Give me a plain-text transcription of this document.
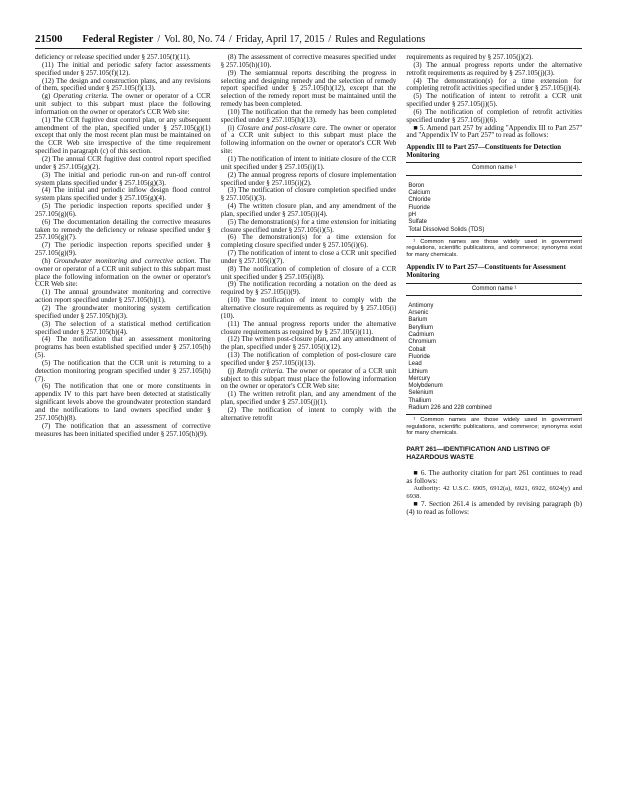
21500 Federal Register / Vol. 80, No. 74 / Friday, April 17, 2015 / Rules and Regulations

deficiency or release specified under § 257.105(f)(11).

(11) The initial and periodic safety factor assessments specified under § 257.105(f)(12).

(12) The design and construction plans, and any revisions of them, specified under § 257.105(f)(13).

(g) Operating criteria. The owner or operator of a CCR unit subject to this subpart must place the following information on the owner or operator's CCR Web site:

(1) The CCR fugitive dust control plan, or any subsequent amendment of the plan, specified under § 257.105(g)(1) except that only the most recent plan must be maintained on the CCR Web site irrespective of the time requirement specified in paragraph (c) of this section.

(2) The annual CCR fugitive dust control report specified under § 257.105(g)(2).

(3) The initial and periodic run-on and run-off control system plans specified under § 257.105(g)(3).

(4) The initial and periodic inflow design flood control system plans specified under § 257.105(g)(4).

(5) The periodic inspection reports specified under § 257.105(g)(6).

(6) The documentation detailing the corrective measures taken to remedy the deficiency or release specified under § 257.105(g)(7).

(7) The periodic inspection reports specified under § 257.105(g)(9).

(h) Groundwater monitoring and corrective action. The owner or operator of a CCR unit subject to this subpart must place the following information on the owner or operator's CCR Web site:

(1) The annual groundwater monitoring and corrective action report specified under § 257.105(h)(1).

(2) The groundwater monitoring system certification specified under § 257.105(h)(3).

(3) The selection of a statistical method certification specified under § 257.105(h)(4).

(4) The notification that an assessment monitoring programs has been established specified under § 257.105(h)(5).

(5) The notification that the CCR unit is returning to a detection monitoring program specified under § 257.105(h)(7).

(6) The notification that one or more constituents in appendix IV to this part have been detected at statistically significant levels above the groundwater protection standard and the notifications to land owners specified under § 257.105(h)(8).

(7) The notification that an assessment of corrective measures has been initiated specified under § 257.105(h)(9).

(8) The assessment of corrective measures specified under § 257.105(h)(10).

(9) The semiannual reports describing the progress in selecting and designing remedy and the selection of remedy report specified under § 257.105(h)(12), except that the selection of the remedy report must be maintained until the remedy has been completed.

(10) The notification that the remedy has been completed specified under § 257.105(h)(13).

(i) Closure and post-closure care. The owner or operator of a CCR unit subject to this subpart must place the following information on the owner or operator's CCR Web site:

(1) The notification of intent to initiate closure of the CCR unit specified under § 257.105(i)(1).

(2) The annual progress reports of closure implementation specified under § 257.105(i)(2).

(3) The notification of closure completion specified under § 257.105(i)(3).

(4) The written closure plan, and any amendment of the plan, specified under § 257.105(i)(4).

(5) The demonstration(s) for a time extension for initiating closure specified under § 257.105(i)(5).

(6) The demonstration(s) for a time extension for completing closure specified under § 257.105(i)(6).

(7) The notification of intent to close a CCR unit specified under § 257.105(i)(7).

(8) The notification of completion of closure of a CCR unit specified under § 257.105(i)(8).

(9) The notification recording a notation on the deed as required by § 257.105(i)(9).

(10) The notification of intent to comply with the alternative closure requirements as required by § 257.105(i)(10).

(11) The annual progress reports under the alternative closure requirements as required by § 257.105(i)(11).

(12) The written post-closure plan, and any amendment of the plan, specified under § 257.105(i)(12).

(13) The notification of completion of post-closure care specified under § 257.105(i)(13).

(j) Retrofit criteria. The owner or operator of a CCR unit subject to this subpart must place the following information on the owner or operator's CCR Web site:

(1) The written retrofit plan, and any amendment of the plan, specified under § 257.105(j)(1).

(2) The notification of intent to comply with the alternative retrofit

requirements as required by § 257.105(j)(2).

(3) The annual progress reports under the alternative retrofit requirements as required by § 257.105(j)(3).

(4) The demonstration(s) for a time extension for completing retrofit activities specified under § 257.105(j)(4).

(5) The notification of intent to retrofit a CCR unit specified under § 257.105(j)(5).

(6) The notification of completion of retrofit activities specified under § 257.105(j)(6).

■ 5. Amend part 257 by adding ''Appendix III to Part 257'' and ''Appendix IV to Part 257'' to read as follows:

Appendix III to Part 257—Constituents for Detection Monitoring
Common name ¹
Boron
Calcium
Chloride
Fluoride
pH
Sulfate
Total Dissolved Solids (TDS)
¹ Common names are those widely used in government regulations, scientific publications, and commerce; synonyms exist for many chemicals.
Appendix IV to Part 257—Constituents for Assessment Monitoring
Common name ¹
Antimony
Arsenic
Barium
Beryllium
Cadmium
Chromium
Cobalt
Fluoride
Lead
Lithium
Mercury
Molybdenum
Selenium
Thallium
Radium 226 and 228 combined
¹ Common names are those widely used in government regulations, scientific publications, and commerce; synonyms exist for many chemicals.
PART 261—IDENTIFICATION AND LISTING OF HAZARDOUS WASTE

■ 6. The authority citation for part 261 continues to read as follows:

Authority: 42 U.S.C. 6905, 6912(a), 6921, 6922, 6924(y) and 6938.

■ 7. Section 261.4 is amended by revising paragraph (b)(4) to read as follows:
